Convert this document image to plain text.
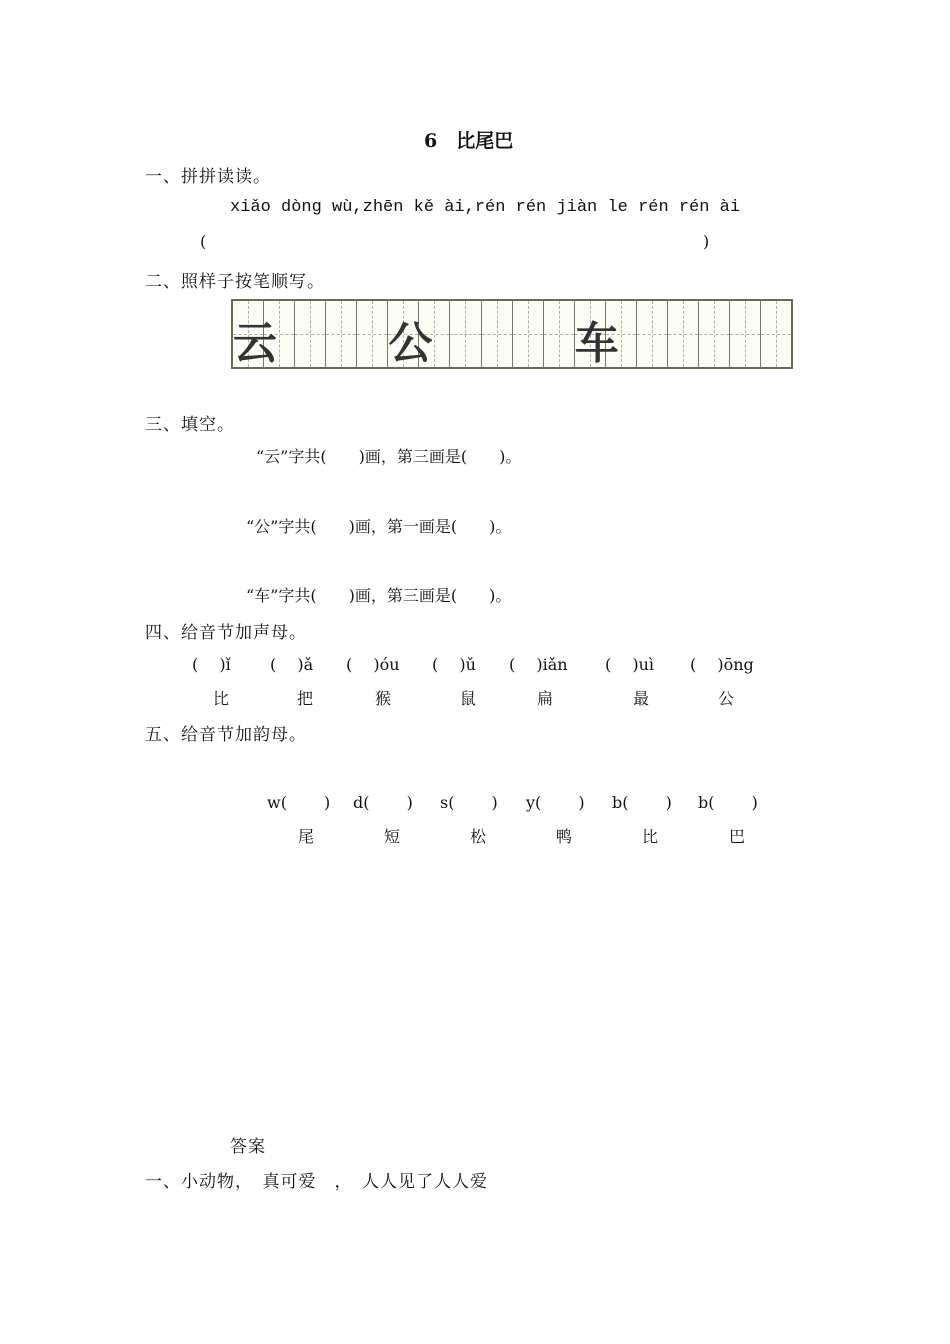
6　比尾巴
一、拼拼读读。
xiǎo dòng wù,zhēn kě ài,rén rén jiàn le rén rén ài
(	)
二、照样子按笔顺写。
云	公	车
三、填空。
“云”字共(　　)画，第三画是(　　)。
“公”字共(　　)画，第一画是(　　)。
“车”字共(　　)画，第三画是(　　)。
四、给音节加声母。
(　 )ǐ (　 )ǎ (　 )óu (　 )ǔ (　 )iǎn (　 )uì (　 )ōng
比	把	猴	鼠	扁	最	公
五、给音节加韵母。
w(　 　) d(　 　) s(　 　) y(　 　) b(　 　) b(　 　)
尾	短	松	鸭	比	巴
答案
一、小动物，　真可爱　，　人人见了人人爱
